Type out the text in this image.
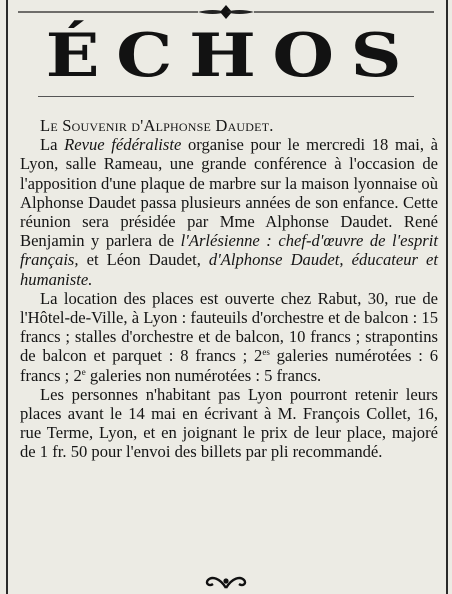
ÉCHOS

Le Souvenir d'Alphonse Daudet.

La Revue fédéraliste organise pour le mercredi 18 mai, à Lyon, salle Rameau, une grande conférence à l'occasion de l'apposition d'une plaque de marbre sur la maison lyonnaise où Alphonse Daudet passa plusieurs années de son enfance. Cette réunion sera présidée par Mme Alphonse Daudet. René Benjamin y parlera de l'Arlésienne : chef-d'œuvre de l'esprit français, et Léon Daudet, d'Alphonse Daudet, éducateur et humaniste.

La location des places est ouverte chez Rabut, 30, rue de l'Hôtel-de-Ville, à Lyon : fauteuils d'orchestre et de balcon : 15 francs ; stalles d'orchestre et de balcon, 10 francs ; strapontins de balcon et parquet : 8 francs ; $2^{es}$ galeries numérotées : 6 francs ; 2e galeries non numérotées : 5 francs.

Les personnes n'habitant pas Lyon pourront retenir leurs places avant le 14 mai en écrivant à M. François Collet, 16, rue Terme, Lyon, et en joignant le prix de leur place, majoré de 1 fr. 50 pour l'envoi des billets par pli recommandé.
